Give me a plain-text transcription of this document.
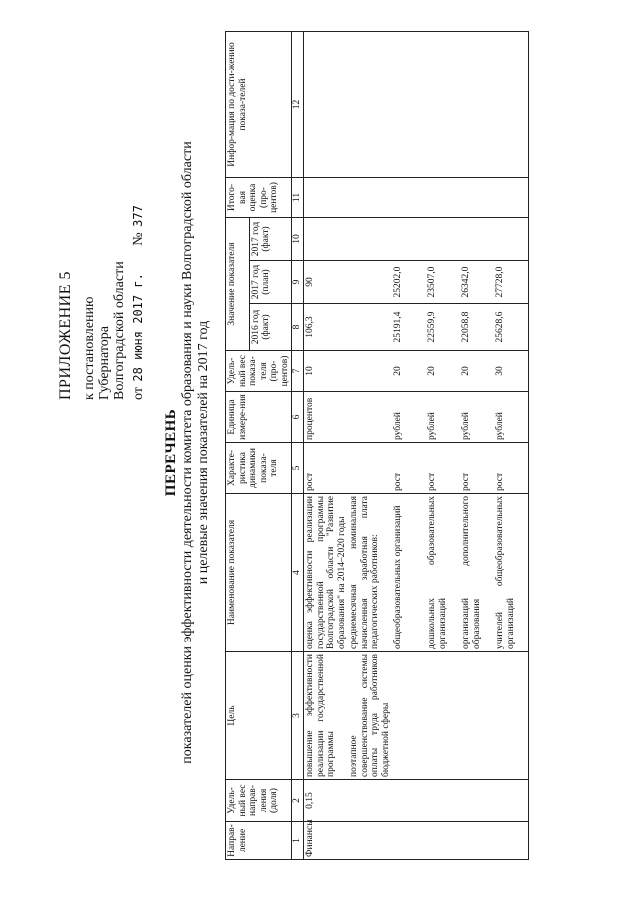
ПРИЛОЖЕНИЕ 5 к постановлению Губернатора Волгоградской области от 28 июня 2017 г. № 377
ПЕРЕЧЕНЬ показателей оценки эффективности деятельности комитета образования и науки Волгоградской области и целевые значения показателей на 2017 год
Направ-ление	Удель-ный вес направ-ления (доля)	Цель	Наименование показателя	Характе-ристика динамики показа-теля	Единица измере-ния	Удель-ный вес показа-теля (про-центов)	Значение показателя			Итого-вая оценка (про-центов)	Инфор-мация по дости-жению показа-телей
							2016 год (факт)	2017 год (план)	2017 год (факт)		
1	2	3	4	5	6	7	8	9	10	11	12
Финансы	0,15	повышение эффективности реализации государственной программы	оценка эффективности реализации государственной программы Волгоградской области "Развитие образования" на 2014–2020 годы	рост	процентов	10	106,3	90			
		поэтапное совершенствование системы оплаты труда работников бюджетной сферы	среднемесячная номинальная начисленная заработная плата педагогических работников:								
			общеобразовательных организаций	рост	рублей	20	25191,4	25202,0			
			дошкольных образовательных организаций	рост	рублей	20	22559,9	23507,0			
			организаций дополнительного образования	рост	рублей	20	22058,8	26342,0			
			учителей общеобразовательных организаций	рост	рублей	30	25628,6	27728,0			
